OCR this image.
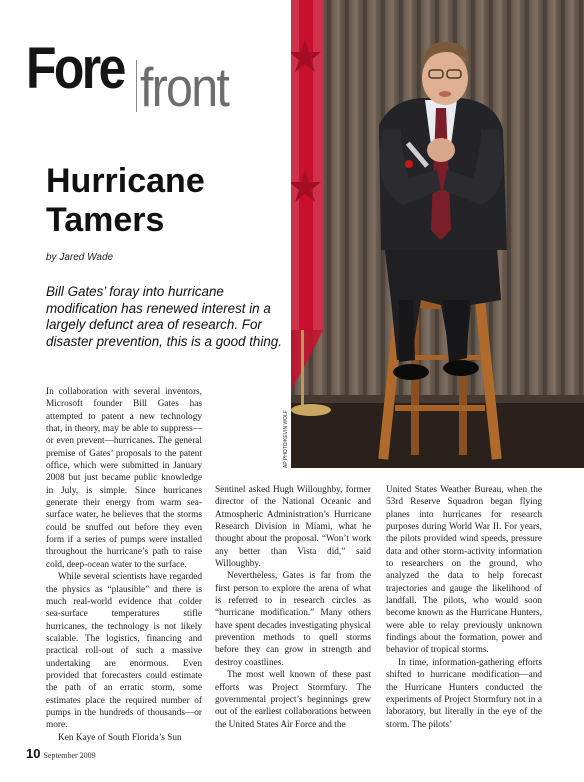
Fore front
Hurricane Tamers
by Jared Wade
Bill Gates’ foray into hurricane modification has renewed interest in a largely defunct area of research. For disaster prevention, this is a good thing.
AP PHOTO/KEVIN WOLF

In collaboration with several inventors, Microsoft founder Bill Gates has attempted to patent a new technology that, in theory, may be able to suppress—or even prevent—hurricanes. The general premise of Gates’ proposals to the patent office, which were submitted in January 2008 but just became public knowledge in July, is simple. Since hurricanes generate their energy from warm sea-surface water, he believes that the storms could be snuffed out before they even form if a series of pumps were installed throughout the hurricane’s path to raise cold, deep-ocean water to the surface.

While several scientists have regarded the physics as “plausible” and there is much real-world evidence that colder sea-surface temperatures stifle hurricanes, the technology is not likely scalable. The logistics, financing and practical roll-out of such a massive undertaking are enormous. Even provided that forecasters could estimate the path of an erratic storm, some estimates place the required number of pumps in the hundreds of thousands—or more.

Ken Kaye of South Florida’s Sun

Sentinel asked Hugh Willoughby, former director of the National Oceanic and Atmospheric Administration’s Hurricane Research Division in Miami, what he thought about the proposal. “Won’t work any better than Vista did,” said Willoughby.

Nevertheless, Gates is far from the first person to explore the arena of what is referred to in research circles as “hurricane modification.” Many others have spent decades investigating physical prevention methods to quell storms before they can grow in strength and destroy coastlines.

The most well known of these past efforts was Project Stormfury. The governmental project’s beginnings grew out of the earliest collaborations between the United States Air Force and the

United States Weather Bureau, when the 53rd Reserve Squadron began flying planes into hurricanes for research purposes during World War II. For years, the pilots provided wind speeds, pressure data and other storm-activity information to researchers on the ground, who analyzed the data to help forecast trajectories and gauge the likelihood of landfall. The pilots, who would soon become known as the Hurricane Hunters, were able to relay previously unknown findings about the formation, power and behavior of tropical storms.

In time, information-gathering efforts shifted to hurricane modification—and the Hurricane Hunters conducted the experiments of Project Stormfury not in a laboratory, but literally in the eye of the storm. The pilots’

10 September 2009
